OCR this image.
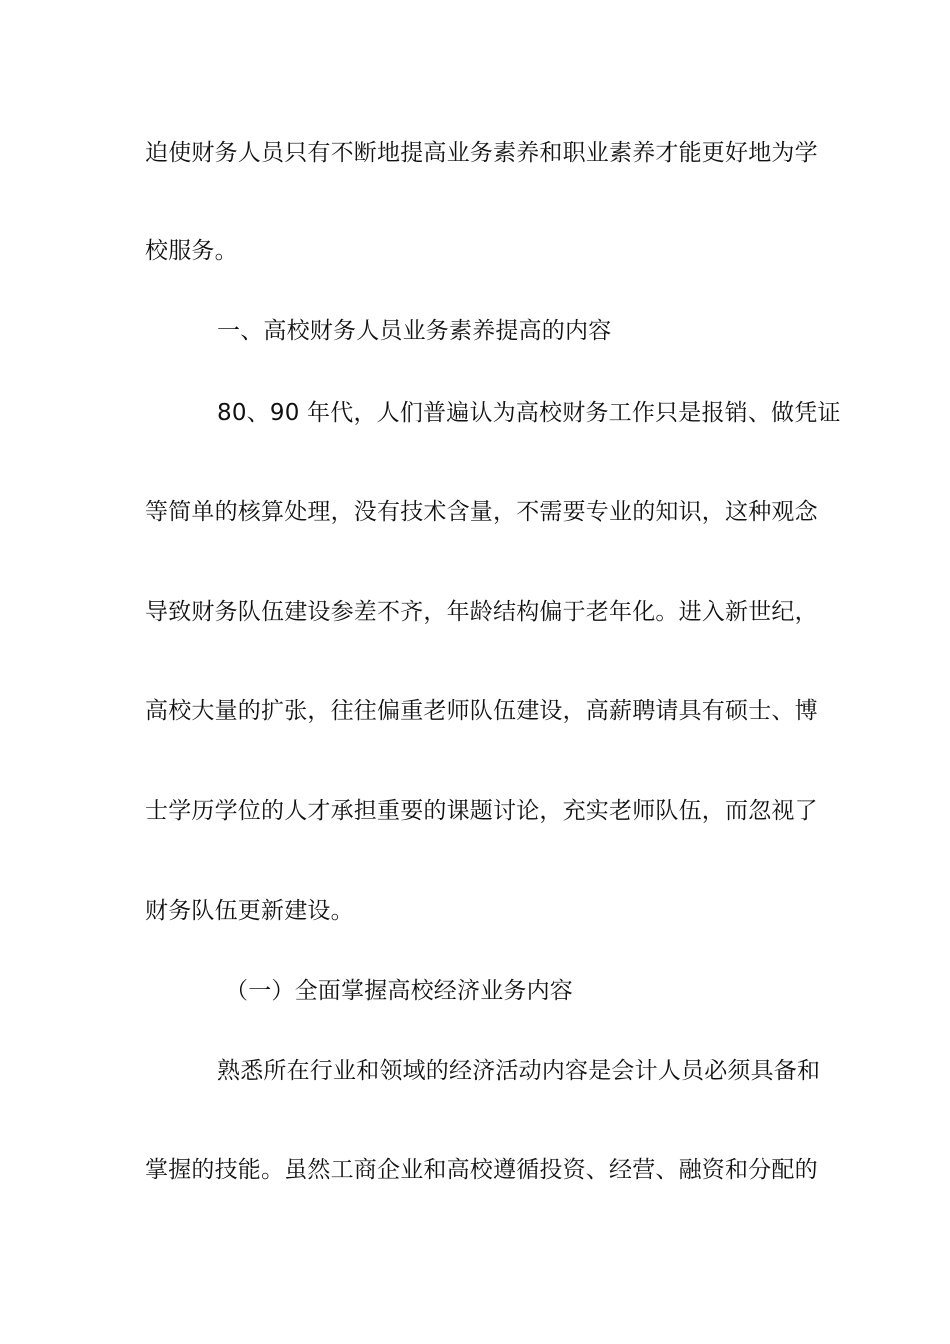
迫使财务人员只有不断地提高业务素养和职业素养才能更好地为学
校服务。
一、高校财务人员业务素养提高的内容
80、90 年代，人们普遍认为高校财务工作只是报销、做凭证
等简单的核算处理，没有技术含量，不需要专业的知识，这种观念
导致财务队伍建设参差不齐，年龄结构偏于老年化。进入新世纪，
高校大量的扩张，往往偏重老师队伍建设，高薪聘请具有硕士、博
士学历学位的人才承担重要的课题讨论，充实老师队伍，而忽视了
财务队伍更新建设。
（一）全面掌握高校经济业务内容
熟悉所在行业和领域的经济活动内容是会计人员必须具备和
掌握的技能。虽然工商企业和高校遵循投资、经营、融资和分配的
